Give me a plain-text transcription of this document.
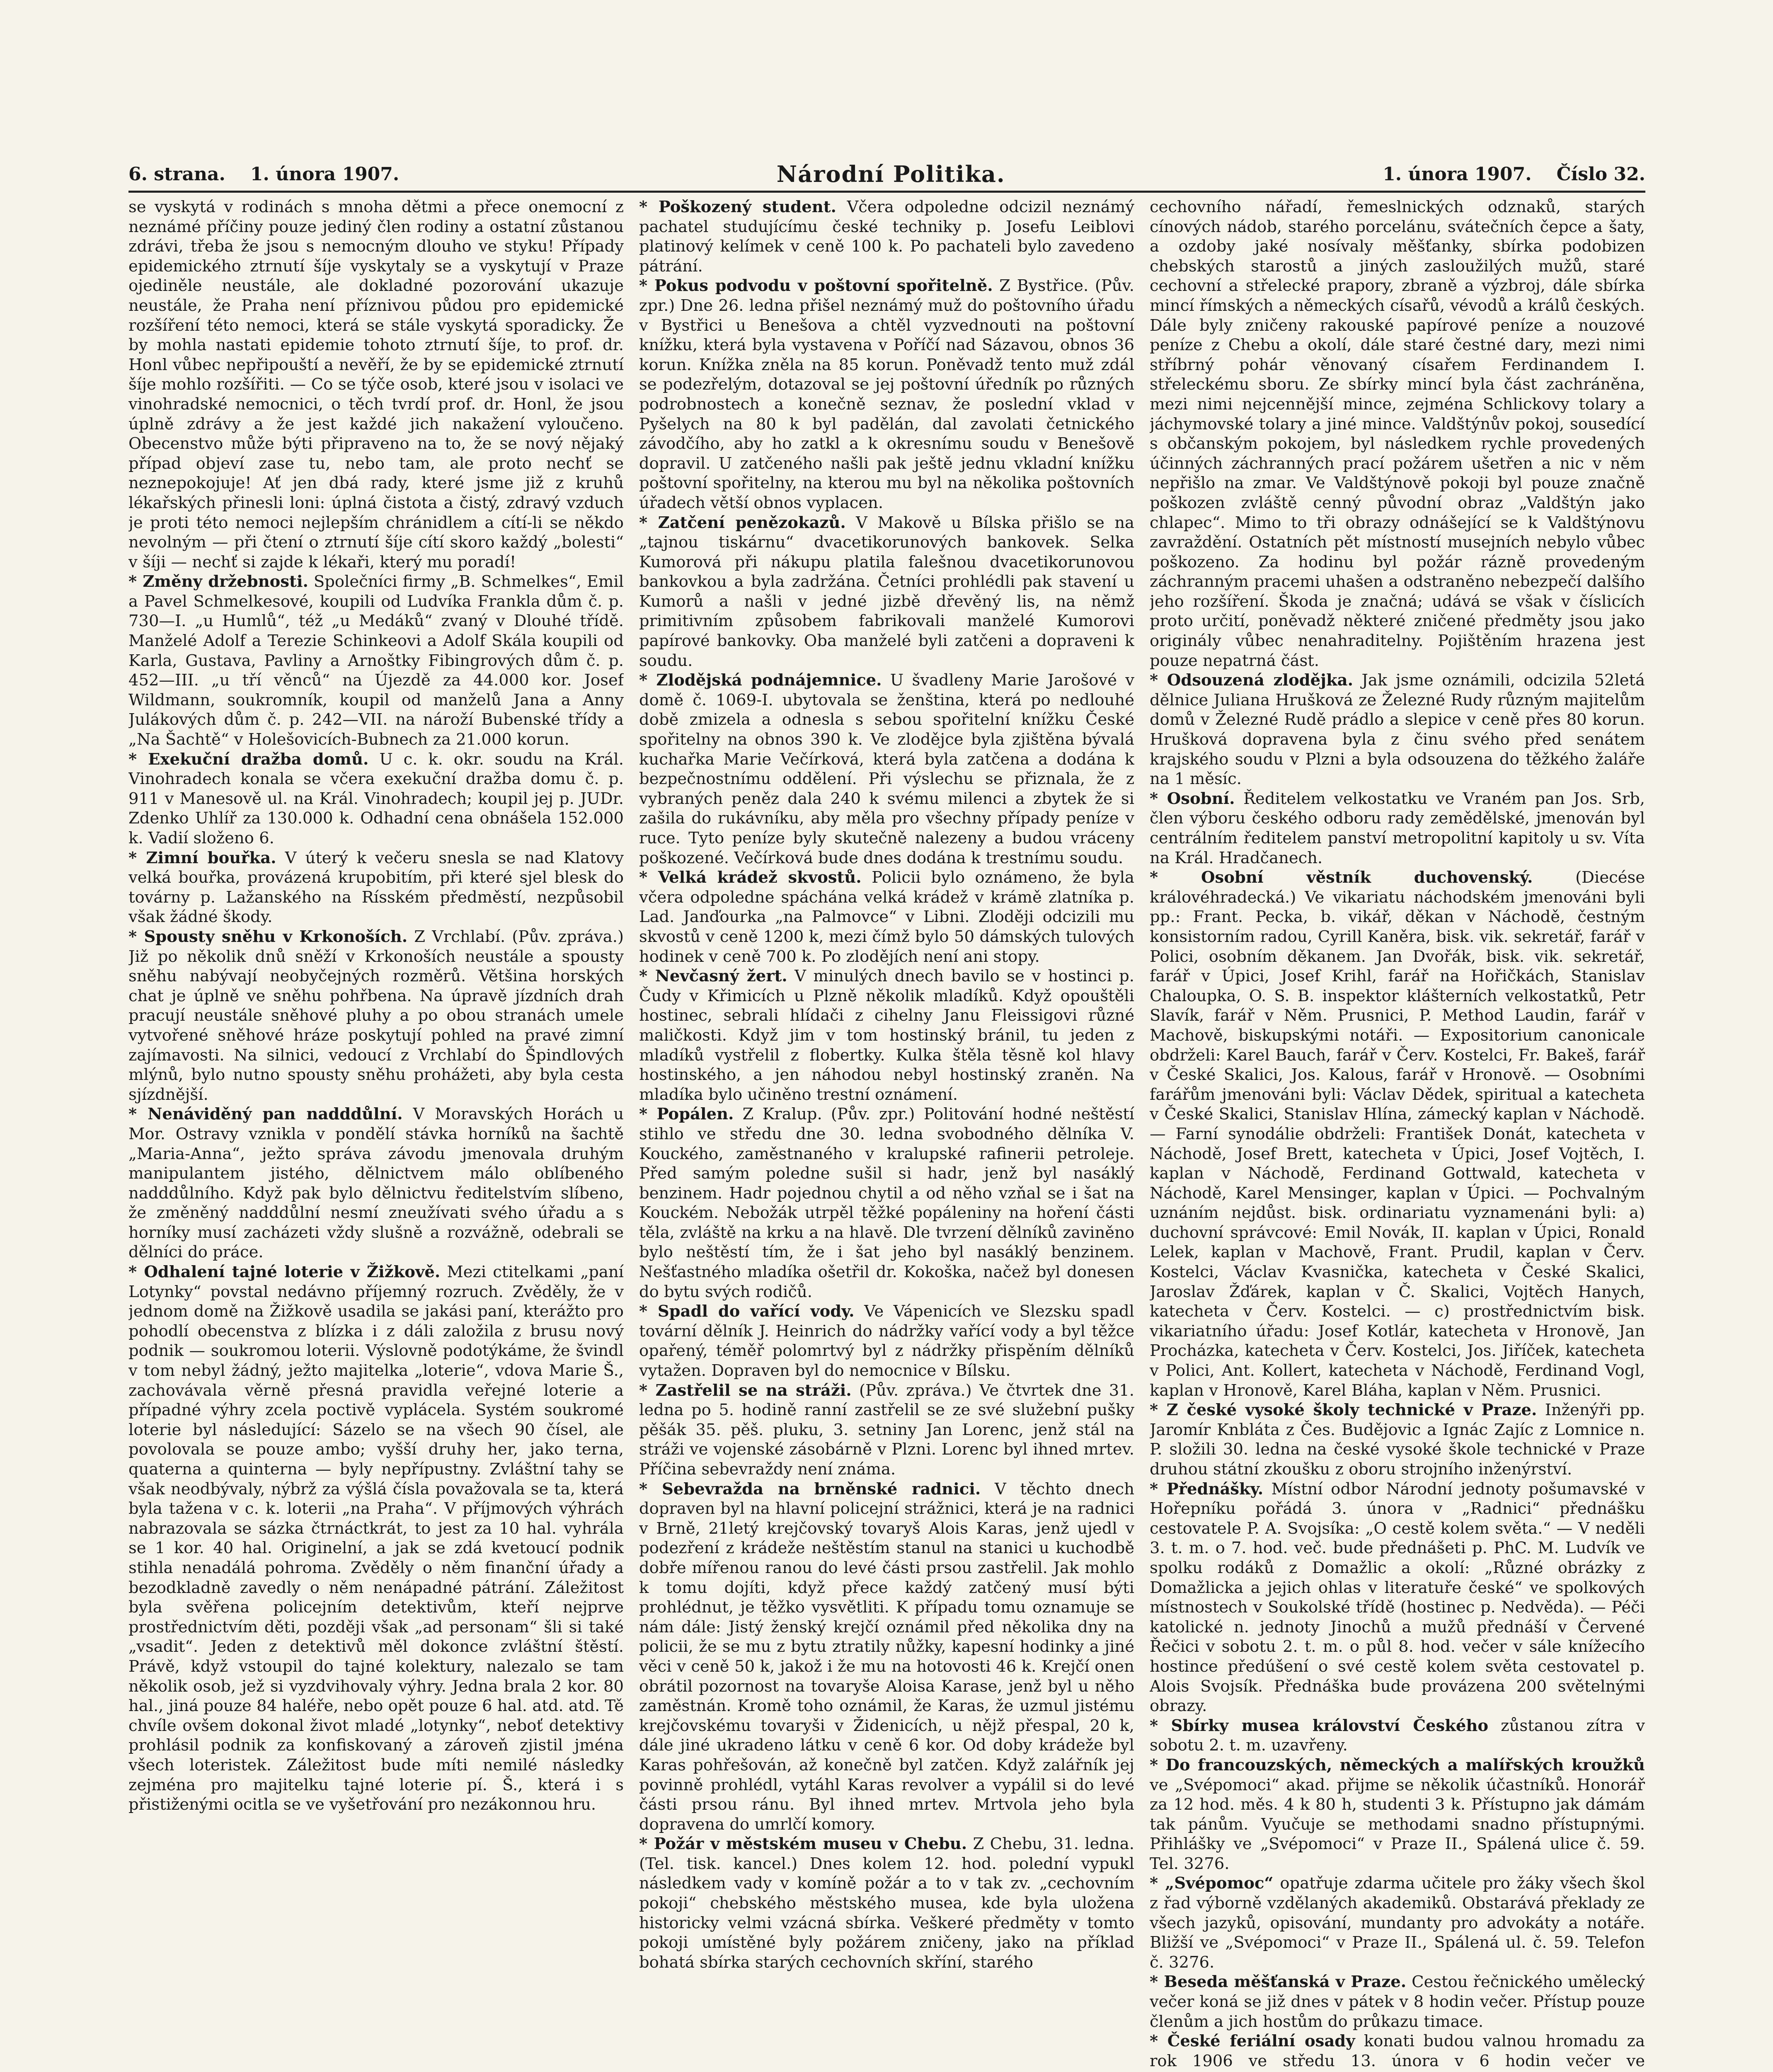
6. strana. 1. února 1907.	Národní Politika.	1. února 1907. Číslo 32.

se vyskytá v rodinách s mnoha dětmi a přece onemocní z neznámé příčiny pouze jediný člen rodiny a ostatní zůstanou zdrávi, třeba že jsou s nemocným dlouho ve styku! Případy epidemického ztrnutí šíje vyskytaly se a vyskytují v Praze ojediněle neustále, ale dokladné pozorování ukazuje neustále, že Praha není příznivou půdou pro epidemické rozšíření této nemoci, která se stále vyskytá sporadicky. Že by mohla nastati epidemie tohoto ztrnutí šíje, to prof. dr. Honl vůbec nepřipouští a nevěří, že by se epidemické ztrnutí šíje mohlo rozšířiti. — Co se týče osob, které jsou v isolaci ve vinohradské nemocnici, o těch tvrdí prof. dr. Honl, že jsou úplně zdrávy a že jest každé jich nakažení vyloučeno. Obecenstvo může býti připraveno na to, že se nový nějaký případ objeví zase tu, nebo tam, ale proto nechť se neznepokojuje! Ať jen dbá rady, které jsme již z kruhů lékařských přinesli loni: úplná čistota a čistý, zdravý vzduch je proti této nemoci nejlepším chránidlem a cítí-li se někdo nevolným — při čtení o ztrnutí šíje cítí skoro každý „bolesti“ v šíji — nechť si zajde k lékaři, který mu poradí!

* Změny držebnosti. Společníci firmy „B. Schmelkes“, Emil a Pavel Schmelkesové, koupili od Ludvíka Frankla dům č. p. 730—I. „u Humlů“, též „u Medáků“ zvaný v Dlouhé třídě. Manželé Adolf a Terezie Schinkeovi a Adolf Skála koupili od Karla, Gustava, Pavliny a Arnoštky Fibingrových dům č. p. 452—III. „u tří věnců“ na Újezdě za 44.000 kor. Josef Wildmann, soukromník, koupil od manželů Jana a Anny Julákových dům č. p. 242—VII. na nároží Bubenské třídy a „Na Šachtě“ v Holešovicích-Bubnech za 21.000 korun.

* Exekuční dražba domů. U c. k. okr. soudu na Král. Vinohradech konala se včera exekuční dražba domu č. p. 911 v Manesově ul. na Král. Vinohradech; koupil jej p. JUDr. Zdenko Uhlíř za 130.000 k. Odhadní cena obnášela 152.000 k. Vadií složeno 6.

* Zimní bouřka. V úterý k večeru snesla se nad Klatovy velká bouřka, provázená krupobitím, při které sjel blesk do továrny p. Lažanského na Rísském předměstí, nezpůsobil však žádné škody.

* Spousty sněhu v Krkonoších. Z Vrchlabí. (Pův. zpráva.) Již po několik dnů sněží v Krkonoších neustále a spousty sněhu nabývají neobyčejných rozměrů. Většina horských chat je úplně ve sněhu pohřbena. Na úpravě jízdních drah pracují neustále sněhové pluhy a po obou stranách umele vytvořené sněhové hráze poskytují pohled na pravé zimní zajímavosti. Na silnici, vedoucí z Vrchlabí do Špindlových mlýnů, bylo nutno spousty sněhu prohážeti, aby byla cesta sjízdnější.

* Nenáviděný pan nadddůlní. V Moravských Horách u Mor. Ostravy vznikla v pondělí stávka horníků na šachtě „Maria-Anna“, ježto správa závodu jmenovala druhým manipulantem jistého, dělnictvem málo oblíbeného nadddůlního. Když pak bylo dělnictvu ředitelstvím slíbeno, že změněný nadddůlní nesmí zneužívati svého úřadu a s horníky musí zacházeti vždy slušně a rozvážně, odebrali se dělníci do práce.

* Odhalení tajné loterie v Žižkově. Mezi ctitelkami „paní Lotynky“ povstal nedávno příjemný rozruch. Zvěděly, že v jednom domě na Žižkově usadila se jakási paní, kterážto pro pohodlí obecenstva z blízka i z dáli založila z brusu nový podnik — soukromou loterii. Výslovně podotýkáme, že švindl v tom nebyl žádný, ježto majitelka „loterie“, vdova Marie Š., zachovávala věrně přesná pravidla veřejné loterie a případné výhry zcela poctivě vyplácela. Systém soukromé loterie byl následující: Sázelo se na všech 90 čísel, ale povolovala se pouze ambo; vyšší druhy her, jako terna, quaterna a quinterna — byly nepřípustny. Zvláštní tahy se však neodbývaly, nýbrž za výšlá čísla považovala se ta, která byla tažena v c. k. loterii „na Praha“. V příjmových výhrách nabrazovala se sázka čtrnáctkrát, to jest za 10 hal. vyhrála se 1 kor. 40 hal. Originelní, a jak se zdá kvetoucí podnik stihla nenadálá pohroma. Zvěděly o něm finanční úřady a bezodkladně zavedly o něm nenápadné pátrání. Záležitost byla svěřena policejním detektivům, kteří nejprve prostřednictvím děti, později však „ad personam“ šli si také „vsadit“. Jeden z detektivů měl dokonce zvláštní štěstí. Právě, když vstoupil do tajné kolektury, nalezalo se tam několik osob, jež si vyzdvihovaly výhry. Jedna brala 2 kor. 80 hal., jiná pouze 84 haléře, nebo opět pouze 6 hal. atd. atd. Tě chvíle ovšem dokonal život mladé „lotynky“, neboť detektivy prohlásil podnik za konfiskovaný a zároveň zjistil jména všech loteristek. Záležitost bude míti nemilé následky zejména pro majitelku tajné loterie pí. Š., která i s přistiženými ocitla se ve vyšetřování pro nezákonnou hru.

* Poškozený student. Včera odpoledne odcizil neznámý pachatel studujícímu české techniky p. Josefu Leiblovi platinový kelímek v ceně 100 k. Po pachateli bylo zavedeno pátrání.

* Pokus podvodu v poštovní spořitelně. Z Bystřice. (Pův. zpr.) Dne 26. ledna přišel neznámý muž do poštovního úřadu v Bystřici u Benešova a chtěl vyzvednouti na poštovní knížku, která byla vystavena v Poříčí nad Sázavou, obnos 36 korun. Knížka zněla na 85 korun. Poněvadž tento muž zdál se podezřelým, dotazoval se jej poštovní úředník po různých podrobnostech a konečně seznav, že poslední vklad v Pyšelych na 80 k byl padělán, dal zavolati četnického závodčího, aby ho zatkl a k okresnímu soudu v Benešově dopravil. U zatčeného našli pak ještě jednu vkladní knížku poštovní spořitelny, na kterou mu byl na několika poštovních úřadech větší obnos vyplacen.

* Zatčení penězokazů. V Makově u Bílska přišlo se na „tajnou tiskárnu“ dvacetikorunových bankovek. Selka Kumorová při nákupu platila falešnou dvacetikorunovou bankovkou a byla zadržána. Četníci prohlédli pak stavení u Kumorů a našli v jedné jizbě dřevěný lis, na němž primitivním způsobem fabrikovali manželé Kumorovi papírové bankovky. Oba manželé byli zatčeni a dopraveni k soudu.

* Zlodějská podnájemnice. U švadleny Marie Jarošové v domě č. 1069-I. ubytovala se ženština, která po nedlouhé době zmizela a odnesla s sebou spořitelní knížku České spořitelny na obnos 390 k. Ve zlodějce byla zjištěna bývalá kuchařka Marie Večírková, která byla zatčena a dodána k bezpečnostnímu oddělení. Při výslechu se přiznala, že z vybraných peněz dala 240 k svému milenci a zbytek že si zašila do rukávníku, aby měla pro všechny případy peníze v ruce. Tyto peníze byly skutečně nalezeny a budou vráceny poškozené. Večírková bude dnes dodána k trestnímu soudu.

* Velká krádež skvostů. Policii bylo oznámeno, že byla včera odpoledne spáchána velká krádež v krámě zlatníka p. Lad. Janďourka „na Palmovce“ v Libni. Zloději odcizili mu skvostů v ceně 1200 k, mezi čímž bylo 50 dámských tulových hodinek v ceně 700 k. Po zlodějích není ani stopy.

* Nevčasný žert. V minulých dnech bavilo se v hostinci p. Čudy v Křimicích u Plzně několik mladíků. Když opouštěli hostinec, sebrali hlídači z cihelny Janu Fleissigovi různé maličkosti. Když jim v tom hostinský bránil, tu jeden z mladíků vystřelil z flobertky. Kulka štěla těsně kol hlavy hostinského, a jen náhodou nebyl hostinský zraněn. Na mladíka bylo učiněno trestní oznámení.

* Popálen. Z Kralup. (Pův. zpr.) Politování hodné neštěstí stihlo ve středu dne 30. ledna svobodného dělníka V. Kouckého, zaměstnaného v kralupské rafinerii petroleje. Před samým poledne sušil si hadr, jenž byl nasáklý benzinem. Hadr pojednou chytil a od něho vzňal se i šat na Kouckém. Nebožák utrpěl těžké popáleniny na hoření části těla, zvláště na krku a na hlavě. Dle tvrzení dělníků zaviněno bylo neštěstí tím, že i šat jeho byl nasáklý benzinem. Nešťastného mladíka ošetřil dr. Kokoška, načež byl donesen do bytu svých rodičů.

* Spadl do vařící vody. Ve Vápenicích ve Slezsku spadl tovární dělník J. Heinrich do nádržky vařící vody a byl těžce opařený, téměř polomrtvý byl z nádržky přispěním dělníků vytažen. Dopraven byl do nemocnice v Bílsku.

* Zastřelil se na stráži. (Pův. zpráva.) Ve čtvrtek dne 31. ledna po 5. hodině ranní zastřelil se ze své služební pušky pěšák 35. pěš. pluku, 3. setniny Jan Lorenc, jenž stál na stráži ve vojenské zásobárně v Plzni. Lorenc byl ihned mrtev. Příčina sebevraždy není známa.

* Sebevražda na brněnské radnici. V těchto dnech dopraven byl na hlavní policejní strážnici, která je na radnici v Brně, 21letý krejčovský tovaryš Alois Karas, jenž ujedl v podezření z krádeže neštěstím stanul na stanici u kuchodbě dobře mířenou ranou do levé části prsou zastřelil. Jak mohlo k tomu dojíti, když přece každý zatčený musí býti prohlédnut, je těžko vysvětliti. K případu tomu oznamuje se nám dále: Jistý ženský krejčí oznámil před několika dny na policii, že se mu z bytu ztratily nůžky, kapesní hodinky a jiné věci v ceně 50 k, jakož i že mu na hotovosti 46 k. Krejčí onen obrátil pozornost na tovaryše Aloisa Karase, jenž byl u něho zaměstnán. Kromě toho oznámil, že Karas, že uzmul jistému krejčovskému tovaryši v Židenicích, u nějž přespal, 20 k, dále jiné ukradeno látku v ceně 6 kor. Od doby krádeže byl Karas pohřešován, až konečně byl zatčen. Když zalářník jej povinně prohlédl, vytáhl Karas revolver a vypálil si do levé části prsou ránu. Byl ihned mrtev. Mrtvola jeho byla dopravena do umrlčí komory.

* Požár v městském museu v Chebu. Z Chebu, 31. ledna. (Tel. tisk. kancel.) Dnes kolem 12. hod. polední vypukl následkem vady v komíně požár a to v tak zv. „cechovním pokoji“ chebského městského musea, kde byla uložena historicky velmi vzácná sbírka. Veškeré předměty v tomto pokoji umístěné byly požárem zničeny, jako na příklad bohatá sbírka starých cechovních skříní, starého

cechovního nářadí, řemeslnických odznaků, starých cínových nádob, starého porcelánu, svátečních čepce a šaty, a ozdoby jaké nosívaly měšťanky, sbírka podobizen chebských starostů a jiných zasloužilých mužů, staré cechovní a střelecké prapory, zbraně a výzbroj, dále sbírka mincí římských a německých císařů, vévodů a králů českých. Dále byly zničeny rakouské papírové peníze a nouzové peníze z Chebu a okolí, dále staré čestné dary, mezi nimi stříbrný pohár věnovaný císařem Ferdinandem I. střeleckému sboru. Ze sbírky mincí byla část zachráněna, mezi nimi nejcennější mince, zejména Schlickovy tolary a jáchymovské tolary a jiné mince. Valdštýnův pokoj, sousedící s občanským pokojem, byl následkem rychle provedených účinných záchranných prací požárem ušetřen a nic v něm nepřišlo na zmar. Ve Valdštýnově pokoji byl pouze značně poškozen zvláště cenný původní obraz „Valdštýn jako chlapec“. Mimo to tři obrazy odnášející se k Valdštýnovu zavraždění. Ostatních pět místností musejních nebylo vůbec poškozeno. Za hodinu byl požár rázně provedeným záchranným pracemi uhašen a odstraněno nebezpečí dalšího jeho rozšíření. Škoda je značná; udává se však v číslicích proto určití, poněvadž některé zničené předměty jsou jako originály vůbec nenahraditelny. Pojištěním hrazena jest pouze nepatrná část.

* Odsouzená zlodějka. Jak jsme oznámili, odcizila 52letá dělnice Juliana Hrušková ze Železné Rudy různým majitelům domů v Železné Rudě prádlo a slepice v ceně přes 80 korun. Hrušková dopravena byla z činu svého před senátem krajského soudu v Plzni a byla odsouzena do těžkého žaláře na 1 měsíc.

* Osobní. Ředitelem velkostatku ve Vraném pan Jos. Srb, člen výboru českého odboru rady zemědělské, jmenován byl centrálním ředitelem panství metropolitní kapitoly u sv. Víta na Král. Hradčanech.

* Osobní věstník duchovenský.	(Diecése královéhradecká.) Ve vikariatu náchodském jmenováni byli pp.: Frant. Pecka, b. vikář, děkan v Náchodě, čestným konsistorním radou, Cyrill Kaněra, bisk. vik. sekretář, farář v Polici, osobním děkanem. Jan Dvořák, bisk. vik. sekretář, farář v Úpici, Josef Krihl, farář na Hořičkách, Stanislav Chaloupka, O. S. B. inspektor klášterních velkostatků, Petr Slavík, farář v Něm. Prusnici, P. Method Laudin, farář v Machově, biskupskými notáři. — Expositorium canonicale obdrželi: Karel Bauch, farář v Červ. Kostelci, Fr. Bakeš, farář v České Skalici, Jos. Kalous, farář v Hronově. — Osobními farářům jmenováni byli: Václav Dědek, spiritual a katecheta v České Skalici, Stanislav Hlína, zámecký kaplan v Náchodě. — Farní synodálie obdrželi: František Donát, katecheta v Náchodě, Josef Brett, katecheta v Úpici, Josef Vojtěch, I. kaplan v Náchodě, Ferdinand Gottwald, katecheta v Náchodě, Karel Mensinger, kaplan v Úpici. — Pochvalným uznáním nejdůst. bisk. ordinariatu vyznamenáni byli: a) duchovní správcové: Emil Novák, II. kaplan v Úpici, Ronald Lelek, kaplan v Machově, Frant. Prudil, kaplan v Červ. Kostelci, Václav Kvasnička, katecheta v České Skalici, Jaroslav Žďárek, kaplan v Č. Skalici, Vojtěch Hanych, katecheta v Červ. Kostelci. — c) prostřednictvím bisk. vikariatního úřadu: Josef Kotlár, katecheta v Hronově, Jan Procházka, katecheta v Červ. Kostelci, Jos. Jiříček, katecheta v Polici, Ant. Kollert, katecheta v Náchodě, Ferdinand Vogl, kaplan v Hronově, Karel Bláha, kaplan v Něm. Prusnici.

* Z české vysoké školy technické v Praze. Inženýři pp. Jaromír Knbláta z Čes. Budějovic a Ignác Zajíc z Lomnice n. P. složili 30. ledna na české vysoké škole technické v Praze druhou státní zkoušku z oboru strojního inženýrství.

* Přednášky. Místní odbor Národní jednoty pošumavské v Hořepníku pořádá 3. února v „Radnici“ přednášku cestovatele P. A. Svojsíka: „O cestě kolem světa.“ — V neděli 3. t. m. o 7. hod. več. bude přednášeti p. PhC. M. Ludvík ve spolku rodáků z Domažlic a okolí: „Různé obrázky z Domažlicka a jejich ohlas v literatuře české“ ve spolkových místnostech v Soukolské třídě (hostinec p. Nedvěda). — Péči katolické n. jednoty Jinochů a mužů přednáší v Červené Řečici v sobotu 2. t. m. o půl 8. hod. večer v sále knížecího hostince předúšení o své cestě kolem světa cestovatel p. Alois Svojsík. Přednáška bude provázena 200 světelnými obrazy.

* Sbírky musea království Českého zůstanou zítra v sobotu 2. t. m. uzavřeny.

* Do francouzských, německých a malířských kroužků ve „Svépomoci“ akad. přijme se několik účastníků. Honorář za 12 hod. měs. 4 k 80 h, studenti 3 k. Přístupno jak dámám tak pánům. Vyučuje se methodami snadno přístupnými. Přihlášky ve „Svépomoci“ v Praze II., Spálená ulice č. 59. Tel. 3276.

* „Svépomoc“ opatřuje zdarma učitele pro žáky všech škol z řad výborně vzdělaných akademiků. Obstarává překlady ze všech jazyků, opisování, mundanty pro advokáty a notáře. Bližší ve „Svépomoci“ v Praze II., Spálená ul. č. 59. Telefon č. 3276.

* Beseda měšťanská v Praze. Cestou řečnického umělecký večer koná se již dnes v pátek v 8 hodin večer. Přístup pouze členům a jich hostům do průkazu timace.

* České feriální osady konati budou valnou hromadu za rok 1906 ve středu 13. února v 6 hodin večer ve
